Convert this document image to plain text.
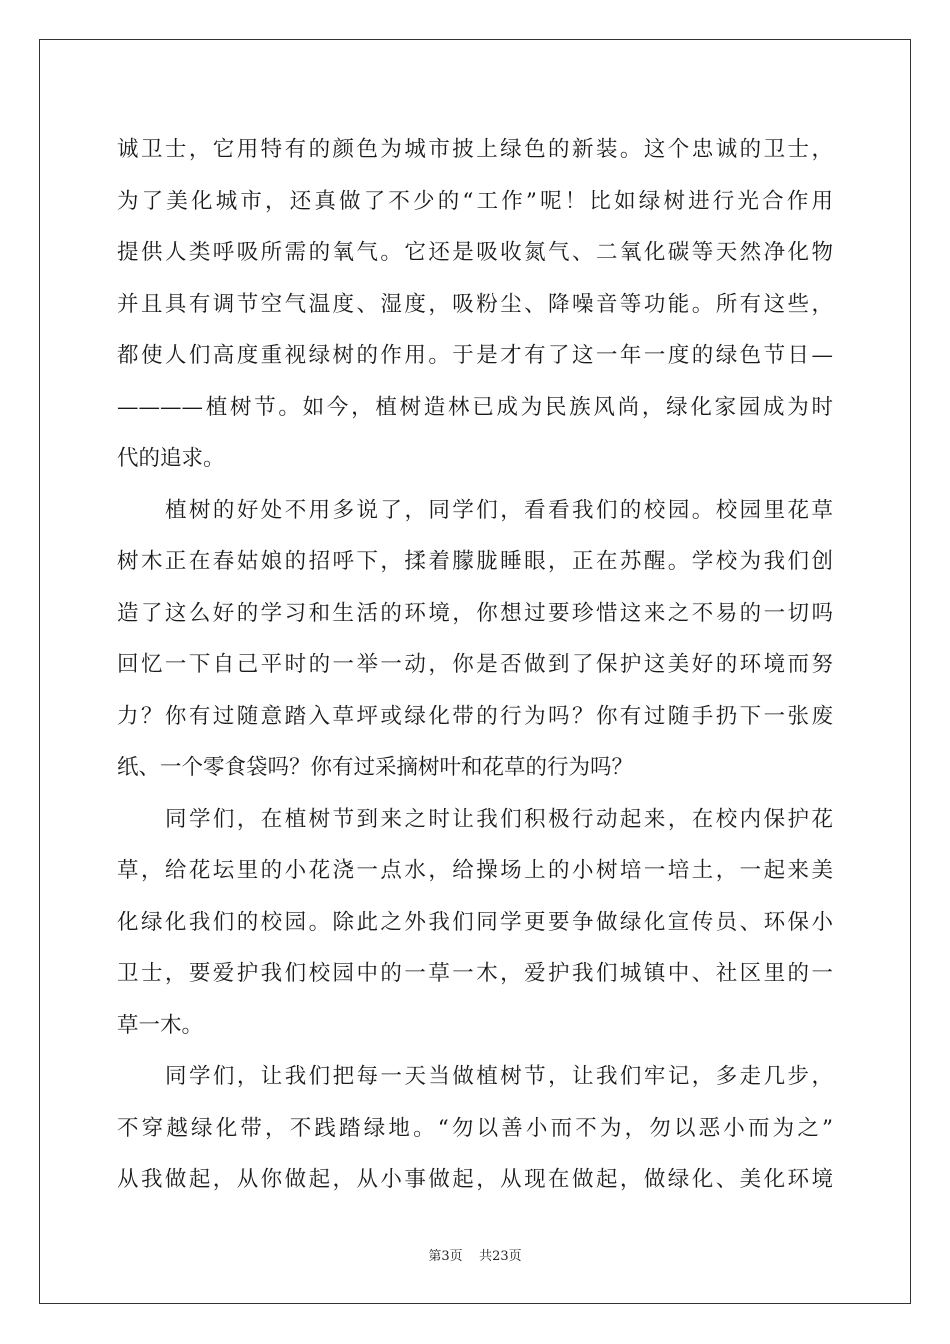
诚卫士，它用特有的颜色为城市披上绿色的新装。这个忠诚的卫士，
为了美化城市，还真做了不少的“工作”呢！比如绿树进行光合作用
提供人类呼吸所需的氧气。它还是吸收氮气、二氧化碳等天然净化物
并且具有调节空气温度、湿度，吸粉尘、降噪音等功能。所有这些，
都使人们高度重视绿树的作用。于是才有了这一年一度的绿色节日—
————植树节。如今，植树造林已成为民族风尚，绿化家园成为时
代的追求。
植树的好处不用多说了，同学们，看看我们的校园。校园里花草
树木正在春姑娘的招呼下，揉着朦胧睡眼，正在苏醒。学校为我们创
造了这么好的学习和生活的环境，你想过要珍惜这来之不易的一切吗
回忆一下自己平时的一举一动，你是否做到了保护这美好的环境而努
力？你有过随意踏入草坪或绿化带的行为吗？你有过随手扔下一张废
纸、一个零食袋吗？你有过采摘树叶和花草的行为吗？
同学们，在植树节到来之时让我们积极行动起来，在校内保护花
草，给花坛里的小花浇一点水，给操场上的小树培一培土，一起来美
化绿化我们的校园。除此之外我们同学更要争做绿化宣传员、环保小
卫士，要爱护我们校园中的一草一木，爱护我们城镇中、社区里的一
草一木。
同学们，让我们把每一天当做植树节，让我们牢记，多走几步，
不穿越绿化带，不践踏绿地。“勿以善小而不为，勿以恶小而为之”
从我做起，从你做起，从小事做起，从现在做起，做绿化、美化环境
第3页 共23页
